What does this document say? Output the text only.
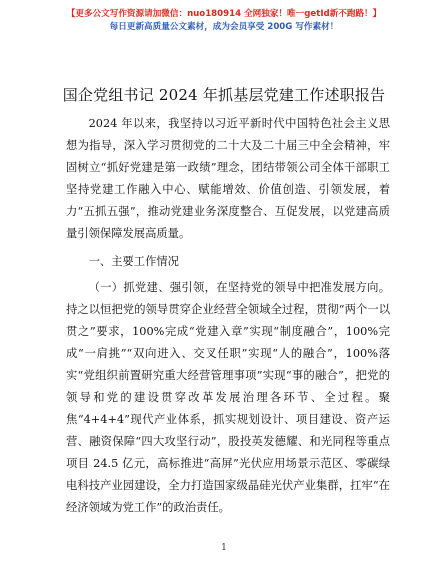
【更多公文写作资源请加微信：nuo180914 全网独家！唯一getId新不跑路！】
每日更新高质量公文素材，成为会员享受 200G 写作素材！
国企党组书记 2024 年抓基层党建工作述职报告

2024 年以来，我坚持以习近平新时代中国特色社会主义思想为指导，深入学习贯彻党的二十大及二十届三中全会精神，牢固树立“抓好党建是第一政绩”理念，团结带领公司全体干部职工坚持党建工作融入中心、赋能增效、价值创造、引领发展，着力“五抓五强”，推动党建业务深度整合、互促发展，以党建高质量引领保障发展高质量。

一、主要工作情况

（一）抓党建、强引领，在坚持党的领导中把准发展方向。持之以恒把党的领导贯穿企业经营全领域全过程，贯彻“两个一以贯之”要求，100%完成“党建入章”实现“制度融合”，100%完成“一肩挑”“双向进入、交叉任职”实现“人的融合”，100%落实“党组织前置研究重大经营管理事项”实现“事的融合”，把党的领导和党的建设贯穿改革发展治理各环节、全过程。聚焦“4+4+4”现代产业体系，抓实规划设计、项目建设、资产运营、融资保障“四大攻坚行动”，股投英发德耀、和光同程等重点项目 24.5 亿元，高标推进“高屏”光伏应用场景示范区、零碳绿电科技产业园建设，全力打造国家级晶硅光伏产业集群，扛牢“在经济领域为党工作”的政治责任。

1
